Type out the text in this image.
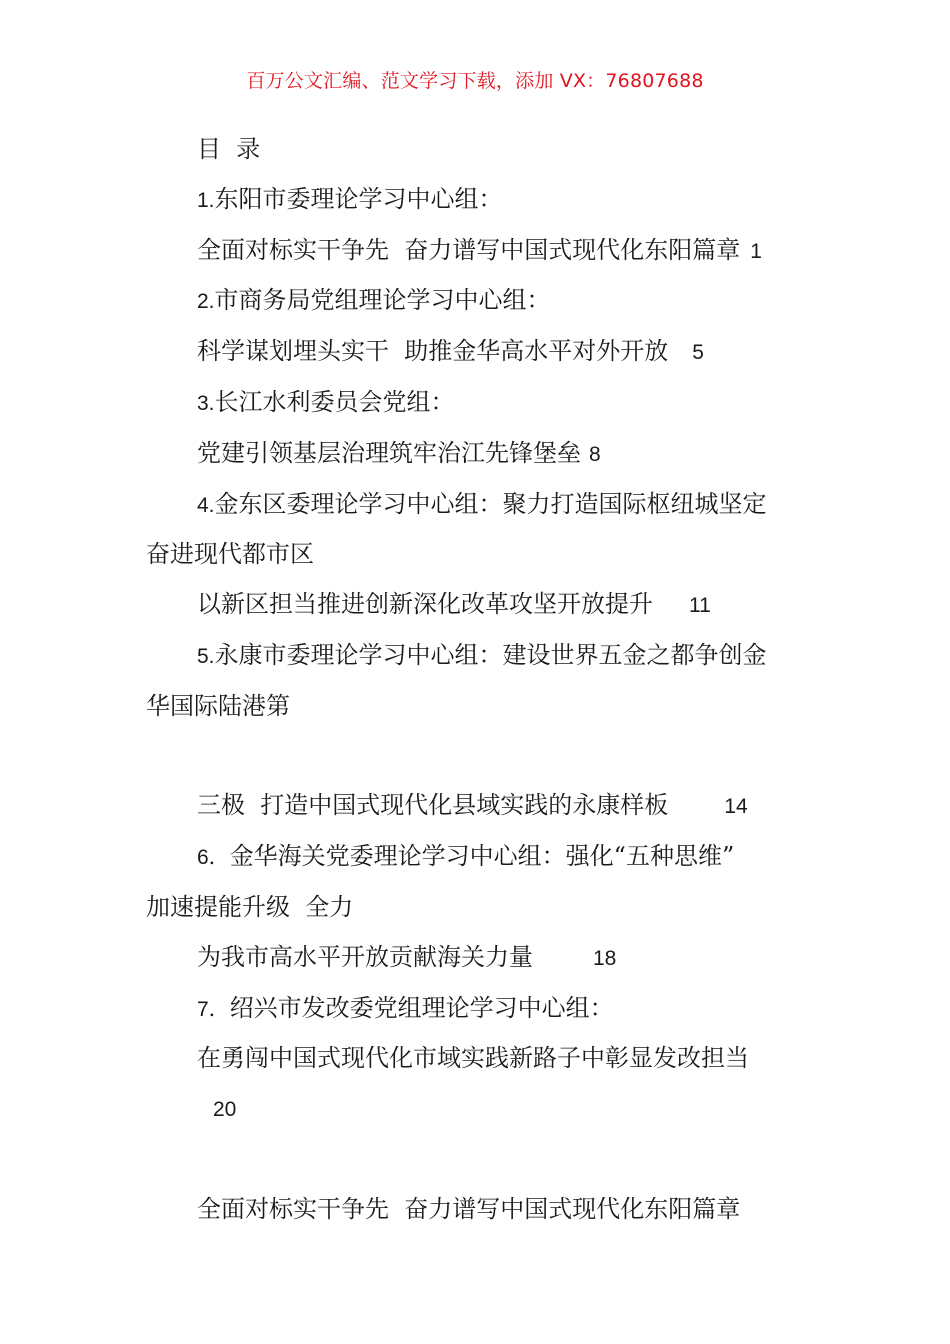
百万公文汇编、范文学习下载，添加 VX：76807688
目  录
1.东阳市委理论学习中心组：
全面对标实干争先  奋力谱写中国式现代化东阳篇章 1
2.市商务局党组理论学习中心组：
科学谋划埋头实干  助推金华高水平对外开放 5
3.长江水利委员会党组：
党建引领基层治理筑牢治江先锋堡垒 8
4.金东区委理论学习中心组：聚力打造国际枢纽城坚定
奋进现代都市区
以新区担当推进创新深化改革攻坚开放提升 11
5.永康市委理论学习中心组：建设世界五金之都争创金
华国际陆港第
三极  打造中国式现代化县域实践的永康样板	14
6．金华海关党委理论学习中心组：强化“五种思维”
加速提能升级  全力
为我市高水平开放贡献海关力量	18
7．绍兴市发改委党组理论学习中心组：
在勇闯中国式现代化市域实践新路子中彰显发改担当
20
全面对标实干争先  奋力谱写中国式现代化东阳篇章
